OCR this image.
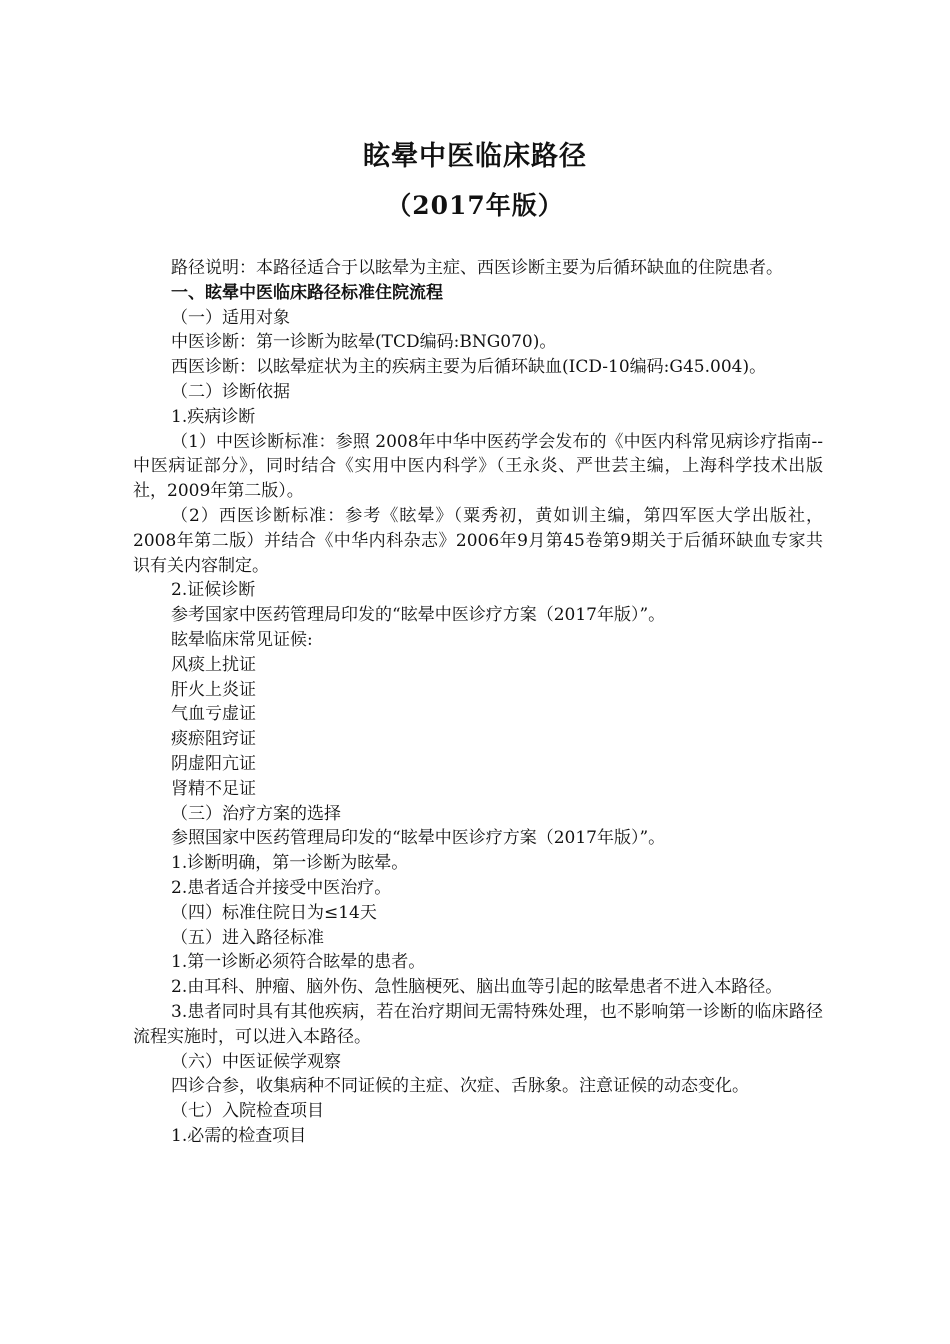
眩晕中医临床路径
（2017年版）

路径说明：本路径适合于以眩晕为主症、西医诊断主要为后循环缺血的住院患者。

一、眩晕中医临床路径标准住院流程

（一）适用对象

中医诊断：第一诊断为眩晕(TCD编码:BNG070)。

西医诊断：以眩晕症状为主的疾病主要为后循环缺血(ICD-10编码:G45.004)。

（二）诊断依据

1.疾病诊断

（1）中医诊断标准：参照 2008年中华中医药学会发布的《中医内科常见病诊疗指南--中医病证部分》，同时结合《实用中医内科学》（王永炎、严世芸主编，上海科学技术出版社，2009年第二版）。

（2）西医诊断标准：参考《眩晕》（粟秀初，黄如训主编，第四军医大学出版社，2008年第二版）并结合《中华内科杂志》2006年9月第45卷第9期关于后循环缺血专家共识有关内容制定。

2.证候诊断

参考国家中医药管理局印发的“眩晕中医诊疗方案（2017年版）”。

眩晕临床常见证候:

风痰上扰证

肝火上炎证

气血亏虚证

痰瘀阻窍证

阴虚阳亢证

肾精不足证

（三）治疗方案的选择

参照国家中医药管理局印发的“眩晕中医诊疗方案（2017年版）”。

1.诊断明确，第一诊断为眩晕。

2.患者适合并接受中医治疗。

（四）标准住院日为≤14天

（五）进入路径标准

1.第一诊断必须符合眩晕的患者。

2.由耳科、肿瘤、脑外伤、急性脑梗死、脑出血等引起的眩晕患者不进入本路径。

3.患者同时具有其他疾病，若在治疗期间无需特殊处理，也不影响第一诊断的临床路径流程实施时，可以进入本路径。

（六）中医证候学观察

四诊合参，收集病种不同证候的主症、次症、舌脉象。注意证候的动态变化。

（七）入院检查项目

1.必需的检查项目
